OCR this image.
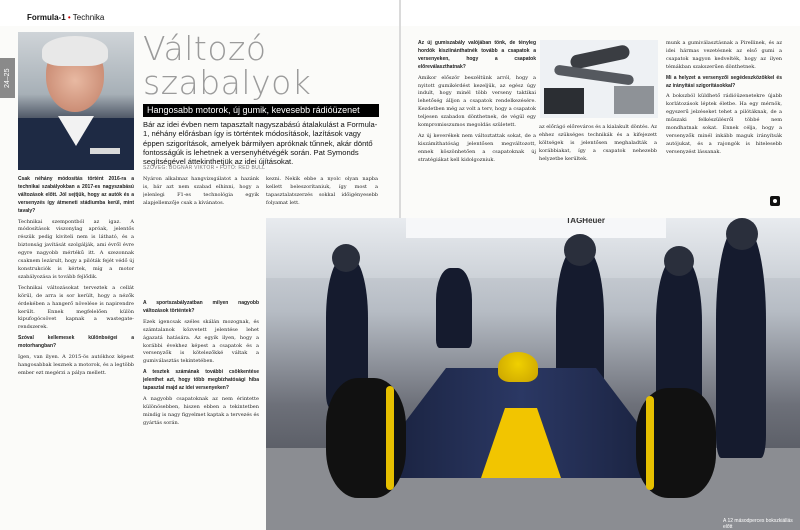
Formula-1 • Technika
24–25
Változó
szabalyok
Hangosabb motorok, új gumik, kevesebb rádióüzenet
Bár az idei évben nem tapasztalt nagyszabású átalakulást a Formula-1, néhány előrásban így is történtek módosítások, lazítások vagy éppen szigorítások, amelyek bármilyen apróknak tűnnek, akár döntő fontosságúk is lehetnek a versenyhétvégék során. Pat Symonds segítségével áttekinthetjük az idei újításokat.
SZÖVEG: BOGNÁR VIKTOR • FOTÓ: RED BULL

Csak néhány módosítás történt 2016-ra a technikai szabályokban a 2017-es nagyszabású változások előtt. Jól sejtjük, hogy az autók és a versenyzés így átmeneti stádiumba kerül, mint tavaly?

Technikai szempontból az igaz. A módosítások viszonylag apróak, jelentős részük pedig kiviteli nem is látható, és a biztonság javítását szolgálják, ami évről évre egyre nagyobb mértékű itt. A szezonnak csaknem lezárult, hogy a pilóták fejét védő új konstrukciók is kértek, míg a motor szabályozása is tovább fejlődik.

Technikai változásokat terveztek a cellát körül, de arra is sor került, hogy a nézők érdekében a hangerő növelése is napirendre került. Ennek megfelelően külön kipufogócsövet kapnak a wastegate-rendszerek.

Szóval kellemesek különbségei a motorhangban?

Igen, van ilyen. A 2015-ös autókhoz képest hangosabbak lesznek a motorok, és a legtöbb ember ezt megérzi a pálya mellett.

Nyáron alkalmaz hangvizsgálatot a hazánk is, bár azt nem szabad elhinni, hogy a jelenlegi F1-es technológia egyik alapjellemzője csak a kívánatos.

A sportszabályzatban milyen nagyobb változások történtek?

Ezek igencsak széles skálán mozognak, és számtalanok közvetett jelentése lehet ágazatá hatására. Az egyik ilyen, hogy a korábbi évekhez képest a csapatok és a versenyzők is kötelezőkké váltak a gumiválasztás tekintetében.

A tesztek számának további csökkentése jelenthet azt, hogy több megbízhatósági hiba tapasztal majd az idei versenyeken?

A nagyobb csapatoknak az nem érintette különösebben, hiszen ebben a tekintetben mindig is nagy figyelmet kaptak a tervezés és gyártás során.

kezni. Nekik ebbe a nyolc olyan napba kellett beleszorítaniuk, így most a tapasztalatszerzés sokkal időigényesebb folyamat lett.

Az új gumiszabály valójában tönk, de tényleg hordók kisziinánthatnék tovább a csapatok a versenyeken, hogy a csapatok előreválaszthatnak?

Amikor először beszéltünk arról, hogy a nyitott gumikérdést kezeljük, az egész úgy indult, hogy minél több verseny taktikai lehetőség álljon a csapatok rendelkezésére. Kezdetben még az volt a terv, hogy a csapatok teljesen szabadon dönthetnek, de végül egy kompromisszumos megoldás született.

Az új keverékek nem változtattak sokat, de a kiszámíthatóság jelentősen megváltozott, ennek köszönhetően a csapatoknak új stratégiákat kell kidolgozniuk.

az előrágó előreváros és a kialakult döntés. Az ehhez szükséges technikák és a kifejezett költségek is jelentősen meghaladták a korábbiakat, így a csapatok nehezebb helyzetbe kerültek.

munk a gumiválasztásnak a Pirellinek, és az idei hármas vezetésnek az első gumi a csapatok nagyon kedvelték, hogy az ilyen témákban szakszerűen dönthetnek.

Mi a helyzet a versenyzői segédeszközökkel és az irányítási szigorításokkal?

A bokszból küldhető rádióüzenetekre újabb korlátozások léptek életbe. Ha egy mérnök, egyszerű jelzéseket tehet a pilótáknak, de a műszaki felkészülésről többé nem mondhatnak sokat. Ennek célja, hogy a versenyzők minél inkább maguk irányítsák autójukat, és a rajongók is hitelesebb versenyzést lássanak.

TAGHeuer
A 12 másodperces bokszkiállás előtt
